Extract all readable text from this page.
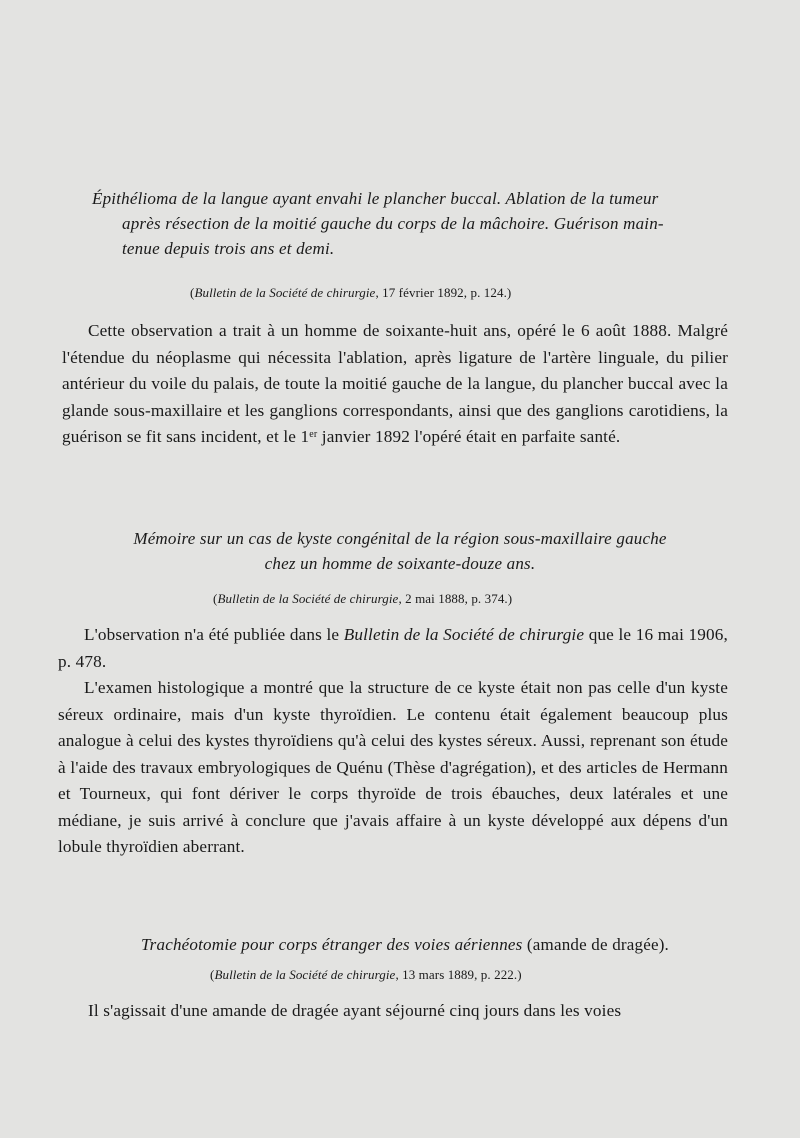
Épithélioma de la langue ayant envahi le plancher buccal. Ablation de la tumeur
après résection de la moitié gauche du corps de la mâchoire. Guérison main-
tenue depuis trois ans et demi.
(Bulletin de la Société de chirurgie, 17 février 1892, p. 124.)

Cette observation a trait à un homme de soixante-huit ans, opéré le 6 août 1888. Malgré l'étendue du néoplasme qui nécessita l'ablation, après ligature de l'artère linguale, du pilier antérieur du voile du palais, de toute la moitié gauche de la langue, du plancher buccal avec la glande sous-maxillaire et les ganglions correspondants, ainsi que des ganglions carotidiens, la guérison se fit sans incident, et le 1er janvier 1892 l'opéré était en parfaite santé.

Mémoire sur un cas de kyste congénital de la région sous-maxillaire gauche
chez un homme de soixante-douze ans.
(Bulletin de la Société de chirurgie, 2 mai 1888, p. 374.)

L'observation n'a été publiée dans le Bulletin de la Société de chirurgie que le 16 mai 1906, p. 478.

L'examen histologique a montré que la structure de ce kyste était non pas celle d'un kyste séreux ordinaire, mais d'un kyste thyroïdien. Le contenu était également beaucoup plus analogue à celui des kystes thyroïdiens qu'à celui des kystes séreux. Aussi, reprenant son étude à l'aide des travaux embryologiques de Quénu (Thèse d'agrégation), et des articles de Hermann et Tourneux, qui font dériver le corps thyroïde de trois ébauches, deux latérales et une médiane, je suis arrivé à conclure que j'avais affaire à un kyste développé aux dépens d'un lobule thyroïdien aberrant.

Trachéotomie pour corps étranger des voies aériennes (amande de dragée).
(Bulletin de la Société de chirurgie, 13 mars 1889, p. 222.)

Il s'agissait d'une amande de dragée ayant séjourné cinq jours dans les voies
